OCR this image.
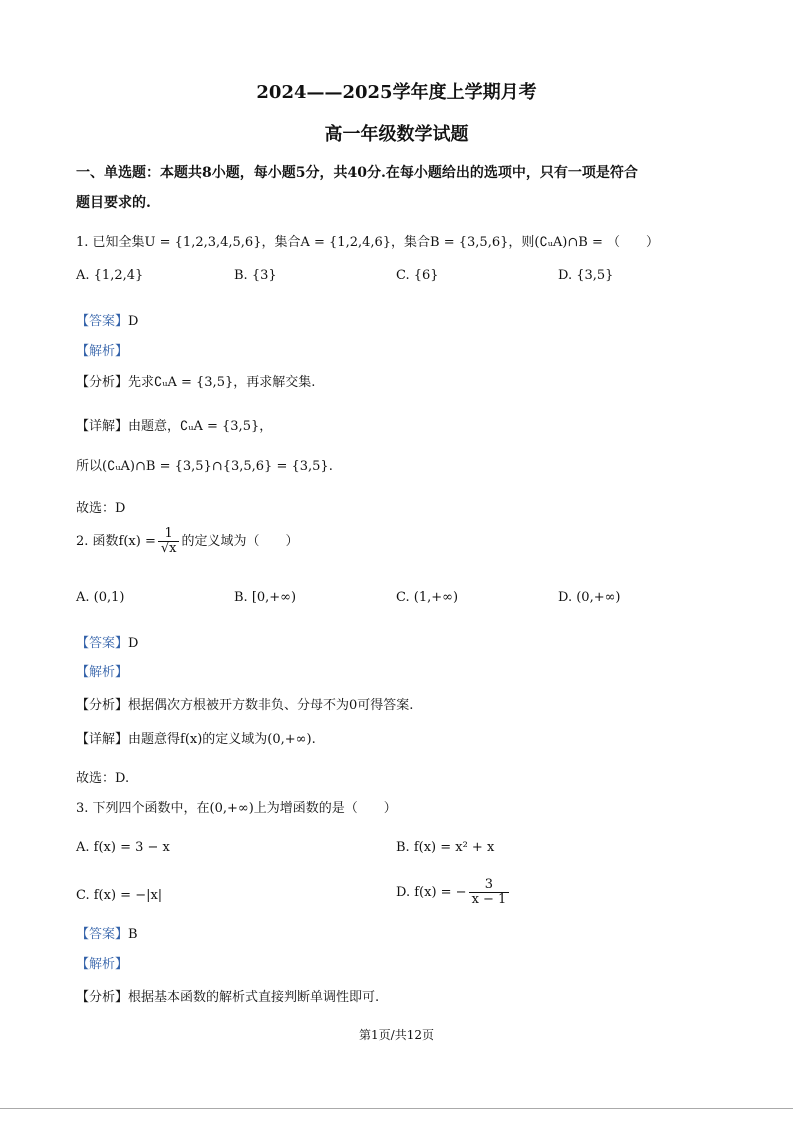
2024——2025学年度上学期月考
高一年级数学试题
一、单选题：本题共8小题，每小题5分，共40分.在每小题给出的选项中，只有一项是符合
题目要求的.
1. 已知全集U = {1,2,3,4,5,6}，集合A = {1,2,4,6}，集合B = {3,5,6}，则(∁ᵤA)∩B = （　　）
A. {1,2,4}	B. {3}	C. {6}	D. {3,5}
【答案】D
【解析】
【分析】先求∁ᵤA = {3,5}，再求解交集.
【详解】由题意，∁ᵤA = {3,5}，
所以(∁ᵤA)∩B = {3,5}∩{3,5,6} = {3,5}.
故选：D
2. 函数$f(x) = \frac{1}{√x}$ 的定义域为（　　）
A. (0,1)	B. [0,+∞)	C. (1,+∞)	D. (0,+∞)
【答案】D
【解析】
【分析】根据偶次方根被开方数非负、分母不为0可得答案.
【详解】由题意得f(x)的定义域为(0,+∞).
故选：D.
3. 下列四个函数中，在(0,+∞)上为增函数的是（　　）
A. f(x) = 3 − x	B. f(x) = x² + x
C. f(x) = −|x|	D. f(x) = − $\frac{3}{x - 1}$
【答案】B
【解析】
【分析】根据基本函数的解析式直接判断单调性即可.
第1页/共12页
